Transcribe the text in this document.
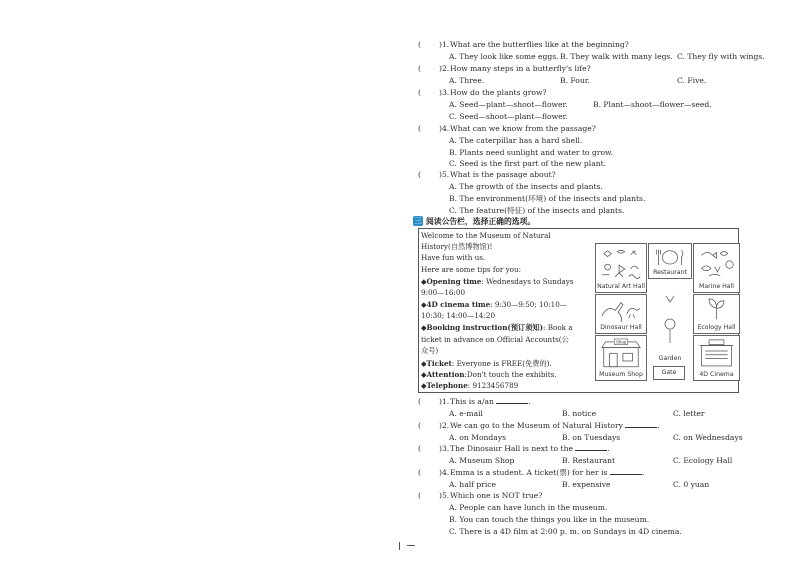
( )1. What are the butterflies like at the beginning?
A. They look like some eggs. B. They walk with many legs. C. They fly with wings.
( )2. How many steps in a butterfly's life?
A. Three.	B. Four.	C. Five.
( )3. How do the plants grow?
A. Seed—plant—shoot—flower.	B. Plant—shoot—flower—seed.
C. Seed—shoot—plant—flower.
( )4. What can we know from the passage?
A. The caterpillar has a hard shell.
B. Plants need sunlight and water to grow.
C. Seed is the first part of the new plant.
( )5. What is the passage about?
A. The growth of the insects and plants.
B. The environment(环境) of the insects and plants.
C. The feature(特征) of the insects and plants.
三 阅读公告栏，选择正确的选项。
Welcome to the Museum of Natural
History(自然博物馆)!
Have fun with us.
Here are some tips for you:
◆Opening time: Wednesdays to Sundays
9:00—16:00
◆4D cinema time: 9:30—9:50; 10:10—
10:30; 14:00—14:20
◆Booking instruction(预订须知): Book a
ticket in advance on Official Accounts(公
众号)
◆Ticket: Everyone is FREE(免费的).
◆Attention:Don't touch the exhibits.
◆Telephone: 9123456789
Natural Art Hall
Restaurant
Marine Hall
Dinosaur Hall
Garden
Ecology Hall
Shop
Museum Shop	Gate	4D Cinema
( )1. This is a/an	.
A. e-mail	B. notice	C. letter
( )2. We can go to the Museum of Natural History	.
A. on Mondays	B. on Tuesdays	C. on Wednesdays
( )3. The Dinosaur Hall is next to the	.
A. Museum Shop	B. Restaurant	C. Ecology Hall
( )4. Emma is a student. A ticket(票) for her is	.
A. half price	B. expensive	C. 0 yuan
( )5. Which one is NOT true?
A. People can have lunch in the museum.
B. You can touch the things you like in the museum.
C. There is a 4D film at 2:00 p. m. on Sundays in 4D cinema.
